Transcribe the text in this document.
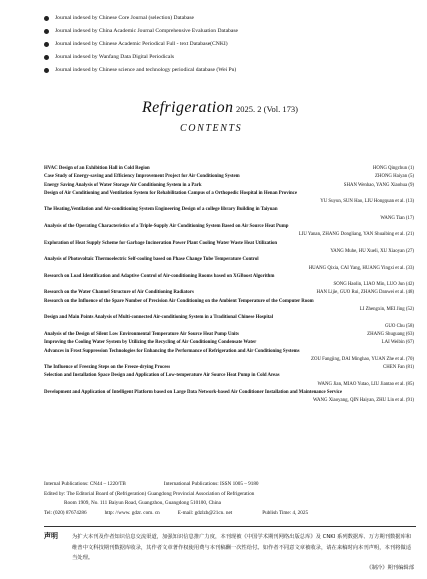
Journal indexed by Chinese Core Journal (selection) Database
Journal indexed by China Academic Journal Comprehensive Evaluation Database
Journal indexed by Chinese Academic Periodical Full - text Database(CNKI)
Journal indexed by Wanfang Data Digital Periodicals
Journal indexed by Chinese science and technology periodical database (Wei Pu)
Refrigeration 2025. 2 (Vol. 173)
CONTENTS
HVAC Design of an Exhibition Hall in Cold Region	HONG Qingchun (1)
Case Study of Energy-saving and Efficiency Improvement Project for Air Conditioning System	ZHONG Haiyan (5)
Energy Saving Analysis of Water Storage Air Conditioning System in a Park	SHAN Wenhao, YANG Xiaohua (9)
Design of Air Conditioning and Ventilation System for Rehabilitation Campus of a Orthopedic Hospital in Henan Province
YU Suyun, SUN Hao, LIU Hongquan et al. (13)
The Heating,Ventilation and Air-conditioning System Engineering Design of a college library Building in Taiyuan
WANG Tian (17)
Analysis of the Operating Characteristics of a Triple-Supply Air Conditioning System Based on Air Source Heat Pump
LIU Yanan, ZHANG Dongliang, YAN Shuaibing et al. (21)
Exploration of Heat Supply Scheme for Garbage Incineration Power Plant Cooling Water Waste Heat Utilization
YANG Muhe, HU Xueli, XU Xiaoyan (27)
Analysis of Photovoltaic Thermoelectric Self-cooling based on Phase Change Tube Temperature Control
HUANG Qixia, CAI Yang, HUANG Yingxi et al. (33)
Research on Load Identification and Adaptive Control of Air-conditioning Rooms based on XGBoost Algorithm
SONG Haolin, LIAO Min, LUO Jun (42)
Research on the Water Channel Structure of Air Conditioning Radiators	HAN Lijie, GUO Rui, ZHANG Danwei et al. (48)
Research on the Influence of the Spare Number of Precision Air Conditioning on the Ambient Temperature of the Computer Room
LI Zhengxin, MEI Jing (52)
Design and Main Points Analysis of Multi-connected Air-conditioning System in a Traditional Chinese Hospital
GUO Chu (58)
Analysis of the Design of Silent Low Environmental Temperature Air Source Heat Pump Units	ZHANG Shuguang (63)
Improving the Cooling Water System by Utilizing the Recycling of Air Conditioning Condensate Water	LAI Weibin (67)
Advances in Frost Suppression Technologies for Enhancing the Performance of Refrigeration and Air Conditioning Systems
ZOU Fangjing, DAI Minghao, YUAN Zhe et al. (70)
The Influence of Freezing Steps on the Freeze-drying Process	CHEN Fan (81)
Selection and Installation Space Design and Application of Low-temperature Air Source Heat Pump in Cold Areas
WANG Jian, MIAO Yutao, LIU Jiantao et al. (85)
Development and Application of Intelligent Platform based on Large Data Network-based Air Conditioner Installation and Maintenance Service
WANG Xiaoyang, QIN Haiyan, ZHU Lin et al. (91)
Internal Publications: CN44 – 1220/TB	International Publications: ISSN 1005 – 9180
Edited by: The Editorial Board of (Refrigeration) Guangdong Provincial Association of Refrigeration
Room 1909, No. 111 Baiyun Road, Guangzhou, Guangdong 510100, China
Tel: (020) 87674286	http: //www. gdzr. com. cn	E-mail: gdzlzb@21cn. net	Publish Time: 4, 2025
声明	为扩大本刊及作者知识信息交流渠道，加强知识信息推广力度，本刊现被《中国学术期刊网络出版总库》及 CNKI 系列数据库、万方期刊数据库和维普中文科技期刊数据库收录，其作者文章著作权使用费与本刊稿酬一次性给付。如作者不同意文章被收录，请在来稿时向本刊声明，本刊将做适当处理。
《制冷》期刊编辑部
